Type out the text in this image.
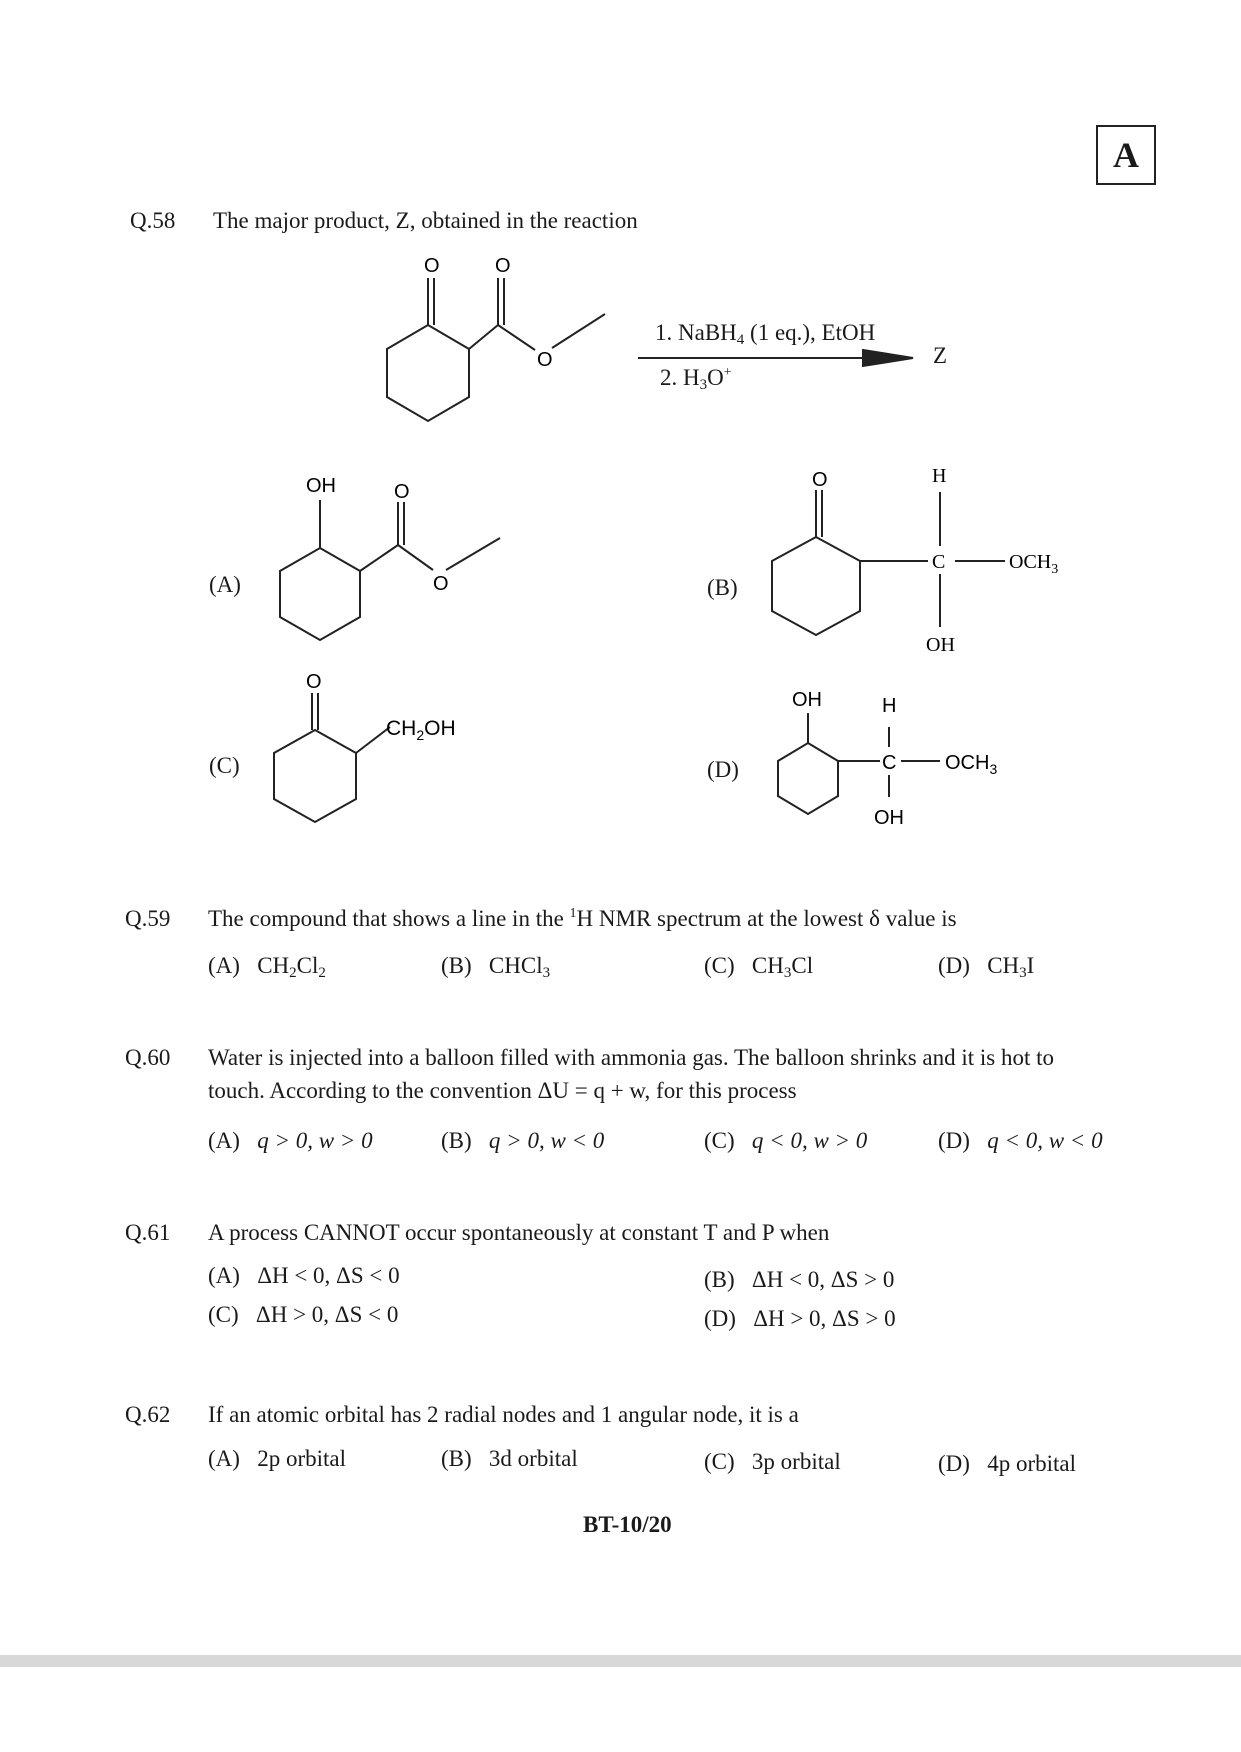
A
Q.58 The major product, Z, obtained in the reaction
O	O
O
1. NaBH$_4$ (1 eq.), EtOH
2. $H_3O^+$
Z
(A)
OH	O
O	(B)
O	H
C
OH
$OCH_3$
(C)
O
$CH_2OH$
(D)
OH	H
C
OH
$OCH_3$
Q.59 The compound that shows a line in the $^1$H NMR spectrum at the lowest δ value is
(A) $CH_2Cl_2$	(B) CHCl$_3$	(C) $CH_3Cl$	(D) $CH_3I$
Q.60 Water is injected into a balloon filled with ammonia gas. The balloon shrinks and it is hot to
touch. According to the convention ΔU = q + w, for this process
(A) q > 0, w > 0	(B) q > 0, w < 0	(C) q < 0, w > 0	(D) q < 0, w < 0
Q.61 A process CANNOT occur spontaneously at constant T and P when
(A) ΔH < 0, ΔS < 0	(B) ΔH < 0, ΔS > 0
(C) ΔH > 0, ΔS < 0	(D) ΔH > 0, ΔS > 0
Q.62 If an atomic orbital has 2 radial nodes and 1 angular node, it is a
(A) 2p orbital	(B) 3d orbital	(C) 3p orbital	(D) 4p orbital
BT-10/20
